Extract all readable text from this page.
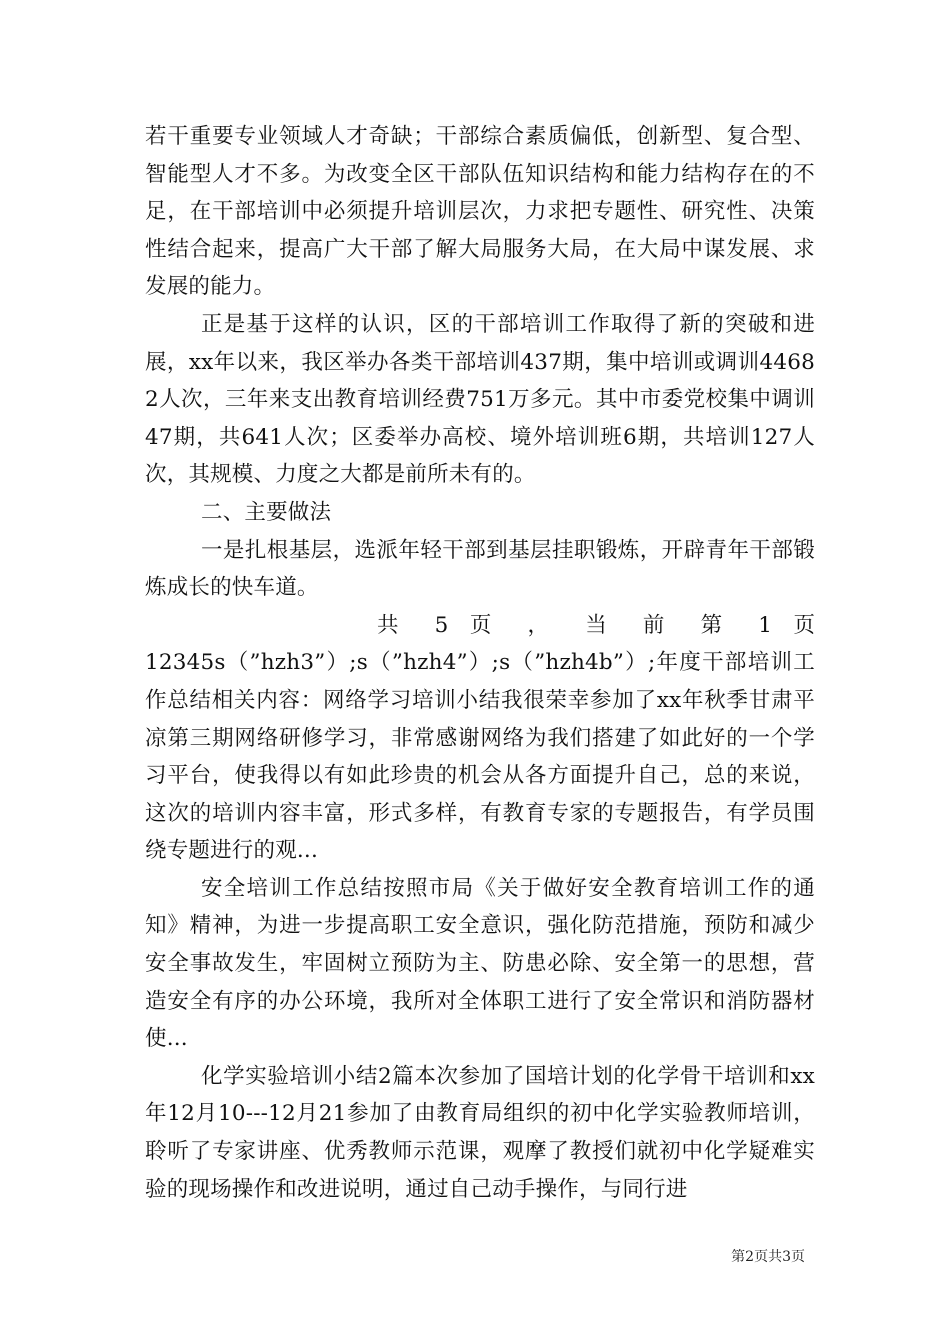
若干重要专业领域人才奇缺；干部综合素质偏低，创新型、复合型、智能型人才不多。为改变全区干部队伍知识结构和能力结构存在的不足，在干部培训中必须提升培训层次，力求把专题性、研究性、决策性结合起来，提高广大干部了解大局服务大局，在大局中谋发展、求发展的能力。

正是基于这样的认识，区的干部培训工作取得了新的突破和进展，xx年以来，我区举办各类干部培训437期，集中培训或调训44682人次，三年来支出教育培训经费751万多元。其中市委党校集中调训47期，共641人次；区委举办高校、境外培训班6期，共培训127人次，其规模、力度之大都是前所未有的。

二、主要做法

一是扎根基层，选派年轻干部到基层挂职锻炼，开辟青年干部锻炼成长的快车道。

共 5 页 ， 当 前 第 1 页

12345s（”hzh3”）;s（”hzh4”）;s（”hzh4b”）;年度干部培训工作总结相关内容：网络学习培训小结我很荣幸参加了xx年秋季甘肃平凉第三期网络研修学习，非常感谢网络为我们搭建了如此好的一个学习平台，使我得以有如此珍贵的机会从各方面提升自己，总的来说，这次的培训内容丰富，形式多样，有教育专家的专题报告，有学员围绕专题进行的观...

安全培训工作总结按照市局《关于做好安全教育培训工作的通知》精神，为进一步提高职工安全意识，强化防范措施，预防和减少安全事故发生，牢固树立预防为主、防患必除、安全第一的思想，营造安全有序的办公环境，我所对全体职工进行了安全常识和消防器材使...

化学实验培训小结2篇本次参加了国培计划的化学骨干培训和xx年12月10---12月21参加了由教育局组织的初中化学实验教师培训，聆听了专家讲座、优秀教师示范课，观摩了教授们就初中化学疑难实验的现场操作和改进说明，通过自己动手操作，与同行进

第2页共3页
